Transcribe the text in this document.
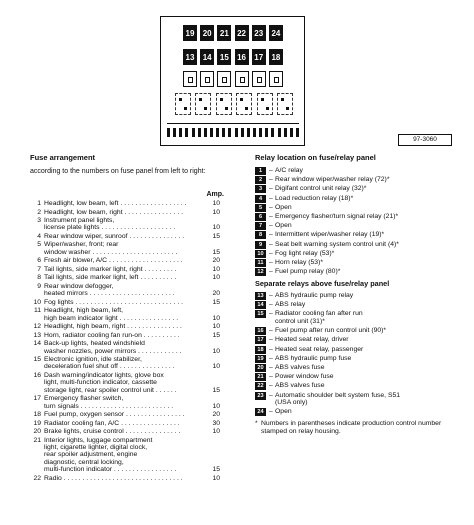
19	20	21	22	23	24
13	14	15	16	17	18
97-3060
Fuse arrangement
according to the numbers on fuse panel from left to right:
Amp.
1 Headlight, low beam, left . . . . . . . . . . . . . . . . . .	10
2 Headlight, low beam, right . . . . . . . . . . . . . . . .	10
3 Instrument panel lights,
license plate lights . . . . . . . . . . . . . . . . . . . .	10
4 Rear window wiper, sunroof . . . . . . . . . . . . . . .	15
5 Wiper/washer, front; rear
window washer . . . . . . . . . . . . . . . . . . . . . . .	15
6 Fresh air blower, A/C . . . . . . . . . . . . . . . . . . . .	20
7 Tail lights, side marker light, right . . . . . . . . .	10
8 Tail lights, side marker light, left . . . . . . . . . .	10
9 Rear window defogger,
heated mirrors . . . . . . . . . . . . . . . . . . . . . . .	20
10 Fog lights . . . . . . . . . . . . . . . . . . . . . . . . . . . . .	15
11 Headlight, high beam, left,
high beam indicator light . . . . . . . . . . . . . . . .	10
12 Headlight, high beam, right . . . . . . . . . . . . . . .	10
13 Horn, radiator cooling fan run-on . . . . . . . . . .	15
14 Back-up lights, heated windshield
washer nozzles, power mirrors . . . . . . . . . . . .	10
15 Electronic ignition, idle stabilizer,
deceleration fuel shut off . . . . . . . . . . . . . . .	10
16 Dash warning/indicator lights, glove box
light, multi-function indicator, cassette
storage light, rear spoiler control unit . . . . . .	15
17 Emergency flasher switch,
turn signals . . . . . . . . . . . . . . . . . . . . . . . . .	10
18 Fuel pump, oxygen sensor . . . . . . . . . . . . . . . .	20
19 Radiator cooling fan, A/C . . . . . . . . . . . . . . . .	30
20 Brake lights, cruise control . . . . . . . . . . . . . . .	10
21 Interior lights, luggage compartment
light, cigarette lighter, digital clock,
rear spoiler adjustment, engine
diagnostic, central locking,
multi-function indicator . . . . . . . . . . . . . . . . .	15
22 Radio . . . . . . . . . . . . . . . . . . . . . . . . . . . . . . . .	10
Relay location on fuse/relay panel
1	– A/C relay
2	– Rear window wiper/washer relay (72)*
3	– Digifant control unit relay (32)*
4	– Load reduction relay (18)*
5	– Open
6	– Emergency flasher/turn signal relay (21)*
7	– Open
8	– Intermittent wiper/washer relay (19)*
9	– Seat belt warning system control unit (4)*
10 – Fog light relay (53)*
11 – Horn relay (53)*
12 – Fuel pump relay (80)*
Separate relays above fuse/relay panel
13 – ABS hydraulic pump relay
14 – ABS relay
15 – Radiator cooling fan after run
control unit (31)*
16 – Fuel pump after run control unit (90)*
17 – Heated seat relay, driver
18 – Heated seat relay, passenger
19 – ABS hydraulic pump fuse
20 – ABS valves fuse
21 – Power window fuse
22 – ABS valves fuse
23 – Automatic shoulder belt system fuse, S51
(USA only)
24 – Open
* Numbers in parentheses indicate production control number stamped on relay housing.
